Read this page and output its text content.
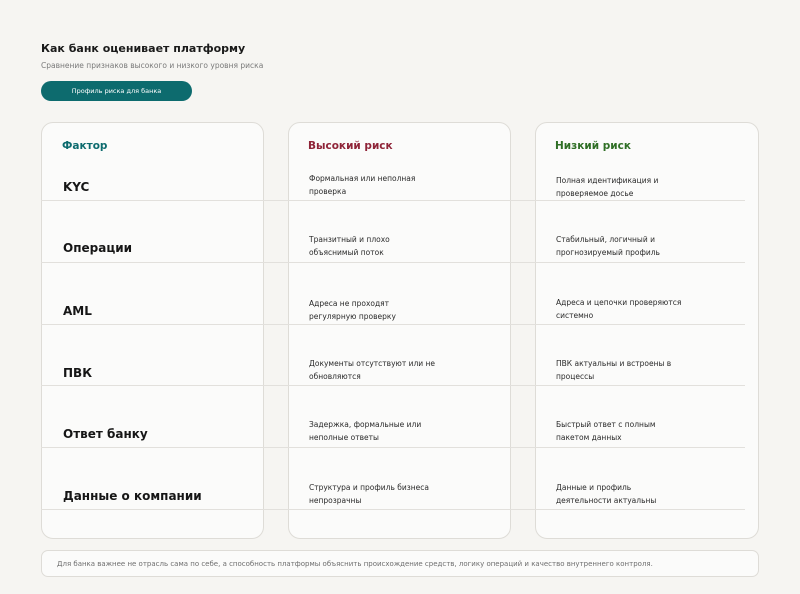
Как банк оценивает платформу
Сравнение признаков высокого и низкого уровня риска
Профиль риска для банка
Фактор	Высокий риск	Низкий риск
KYC
Формальная или неполная
проверка
Полная идентификация и
проверяемое досье
Операции
Транзитный и плохо
объяснимый поток
Стабильный, логичный и
прогнозируемый профиль
AML
Адреса не проходят
регулярную проверку
Адреса и цепочки проверяются
системно
ПВК
Документы отсутствуют или не
обновляются
ПВК актуальны и встроены в
процессы
Ответ банку
Задержка, формальные или
неполные ответы
Быстрый ответ с полным
пакетом данных
Данные о компании
Структура и профиль бизнеса
непрозрачны
Данные и профиль
деятельности актуальны
Для банка важнее не отрасль сама по себе, а способность платформы объяснить происхождение средств, логику операций и качество внутреннего контроля.
